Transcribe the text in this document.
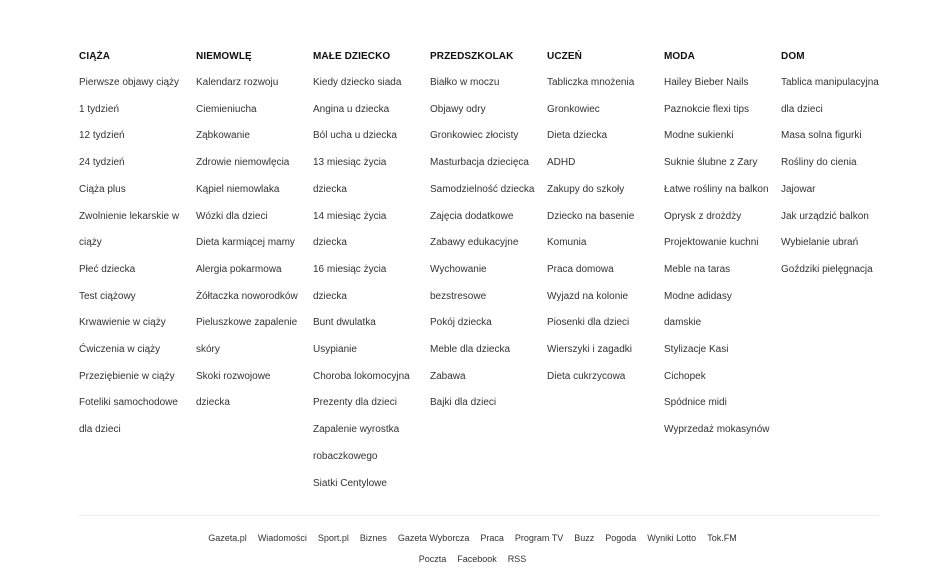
CIĄŻA
Pierwsze objawy ciąży
1 tydzień
12 tydzień
24 tydzień
Ciąża plus
Zwolnienie lekarskie w
ciąży
Płeć dziecka
Test ciążowy
Krwawienie w ciąży
Ćwiczenia w ciąży
Przeziębienie w ciąży
Foteliki samochodowe
dla dzieci
NIEMOWLĘ
Kalendarz rozwoju
Ciemieniucha
Ząbkowanie
Zdrowie niemowlęcia
Kąpiel niemowlaka
Wózki dla dzieci
Dieta karmiącej mamy
Alergia pokarmowa
Żółtaczka noworodków
Pieluszkowe zapalenie
skóry
Skoki rozwojowe
dziecka
MAŁE DZIECKO
Kiedy dziecko siada
Angina u dziecka
Ból ucha u dziecka
13 miesiąc życia
dziecka
14 miesiąc życia
dziecka
16 miesiąc życia
dziecka
Bunt dwulatka
Usypianie
Choroba lokomocyjna
Prezenty dla dzieci
Zapalenie wyrostka
robaczkowego
Siatki Centylowe
PRZEDSZKOLAK
Białko w moczu
Objawy odry
Gronkowiec złocisty
Masturbacja dziecięca
Samodzielność dziecka
Zajęcia dodatkowe
Zabawy edukacyjne
Wychowanie
bezstresowe
Pokój dziecka
Meble dla dziecka
Zabawa
Bajki dla dzieci
UCZEŃ
Tabliczka mnożenia
Gronkowiec
Dieta dziecka
ADHD
Zakupy do szkoły
Dziecko na basenie
Komunia
Praca domowa
Wyjazd na kolonie
Piosenki dla dzieci
Wierszyki i zagadki
Dieta cukrzycowa
MODA
Hailey Bieber Nails
Paznokcie flexi tips
Modne sukienki
Suknie ślubne z Zary
Łatwe rośliny na balkon
Oprysk z drożdży
Projektowanie kuchni
Meble na taras
Modne adidasy
damskie
Stylizacje Kasi
Cichopek
Spódnice midi
Wyprzedaż mokasynów
DOM
Tablica manipulacyjna
dla dzieci
Masa solna figurki
Rośliny do cienia
Jajowar
Jak urządzić balkon
Wybielanie ubrań
Goździki pielęgnacja
Gazeta.pl Wiadomości Sport.pl Biznes Gazeta Wyborcza Praca Program TV Buzz Pogoda Wyniki Lotto Tok.FM
Poczta Facebook RSS
